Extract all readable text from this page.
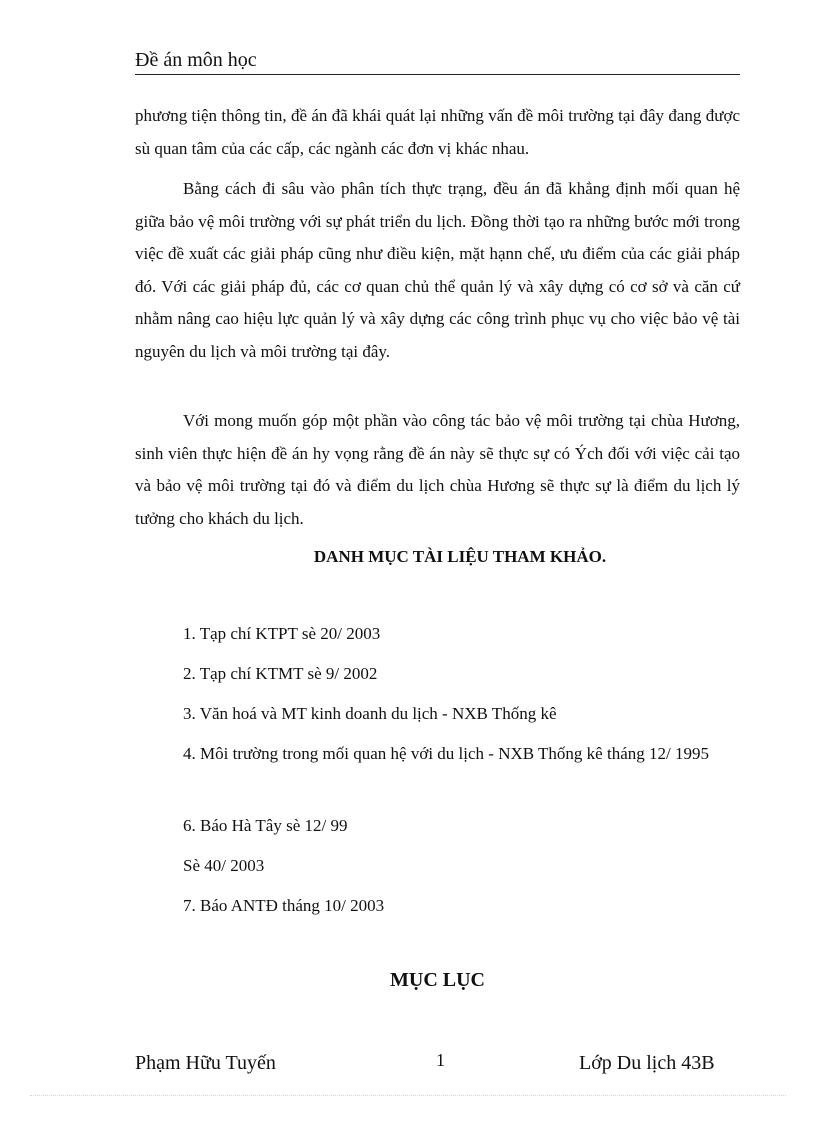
Đề án môn học

phương tiện thông tin, đề án đã khái quát lại những vấn đề môi trường tại đây đang được sù quan tâm của các cấp, các ngành các đơn vị khác nhau.

Bằng cách đi sâu vào phân tích thực trạng, đều án đã khẳng định mối quan hệ giữa bảo vệ môi trường với sự phát triển du lịch. Đồng thời tạo ra những bước mới trong việc đề xuất các giải pháp cũng như điều kiện, mặt hạnn chế, ưu điểm của các giải pháp đó. Với các giải pháp đủ, các cơ quan chủ thể quản lý và xây dựng có cơ sở và căn cứ nhằm nâng cao hiệu lực quản lý và xây dựng các công trình phục vụ cho việc bảo vệ tài nguyên du lịch và môi trường tại đây.

Với mong muốn góp một phần vào công tác bảo vệ môi trường tại chùa Hương, sinh viên thực hiện đề án hy vọng rằng đề án này sẽ thực sự có Ých đối với việc cải tạo và bảo vệ môi trường tại đó và điểm du lịch chùa Hương sẽ thực sự là điểm du lịch lý tưởng cho khách du lịch.

DANH MỤC TÀI LIỆU THAM KHẢO.
1. Tạp chí KTPT sè 20/ 2003
2. Tạp chí KTMT sè 9/ 2002
3. Văn hoá và MT kinh doanh du lịch - NXB Thống kê
4. Môi trường trong mối quan hệ với du lịch - NXB Thống kê tháng 12/ 1995
6. Báo Hà Tây sè 12/ 99
Sè 40/ 2003
7. Báo ANTĐ tháng 10/ 2003
MỤC LỤC
Phạm Hữu Tuyến	1	Lớp Du lịch 43B
